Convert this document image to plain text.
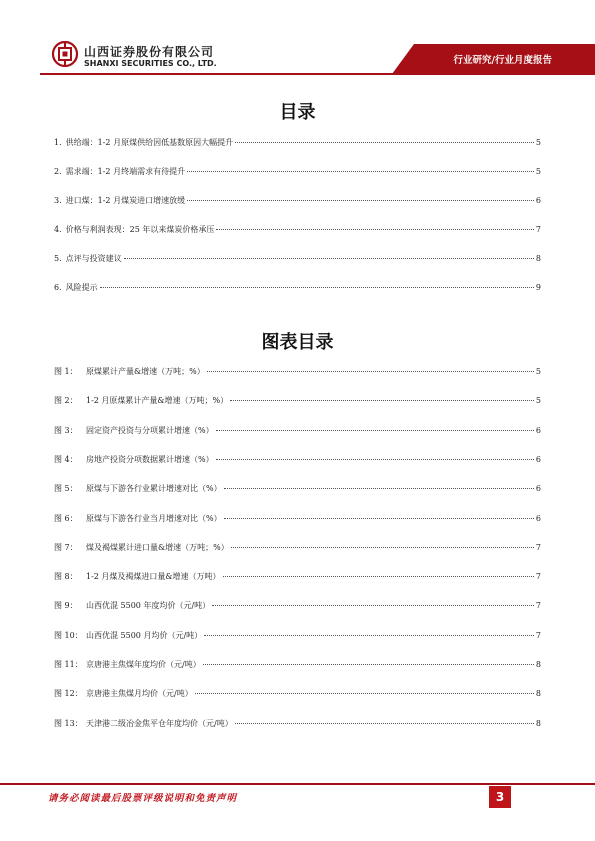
山西证券股份有限公司
SHANXI SECURITIES CO., LTD.	行业研究/行业月度报告
目录
1. 供给端：1-2 月原煤供给因低基数原因大幅提升	5
2. 需求端：1-2 月终端需求有待提升	5
3. 进口煤：1-2 月煤炭进口增速放缓	6
4. 价格与利润表现：25 年以来煤炭价格承压	7
5. 点评与投资建议	8
6. 风险提示	9
图表目录
图 1：	原煤累计产量&增速（万吨；%）	5
图 2：	1-2 月原煤累计产量&增速（万吨；%）	5
图 3：	固定资产投资与分项累计增速（%）	6
图 4：	房地产投资分项数据累计增速（%）	6
图 5：	原煤与下游各行业累计增速对比（%）	6
图 6：	原煤与下游各行业当月增速对比（%）	6
图 7：	煤及褐煤累计进口量&增速（万吨；%）	7
图 8：	1-2 月煤及褐煤进口量&增速（万吨）	7
图 9：	山西优混 5500 年度均价（元/吨）	7
图 10： 山西优混 5500 月均价（元/吨）	7
图 11： 京唐港主焦煤年度均价（元/吨）	8
图 12： 京唐港主焦煤月均价（元/吨）	8
图 13： 天津港二级冶金焦平仓年度均价（元/吨）	8
请务必阅读最后股票评级说明和免责声明	3
